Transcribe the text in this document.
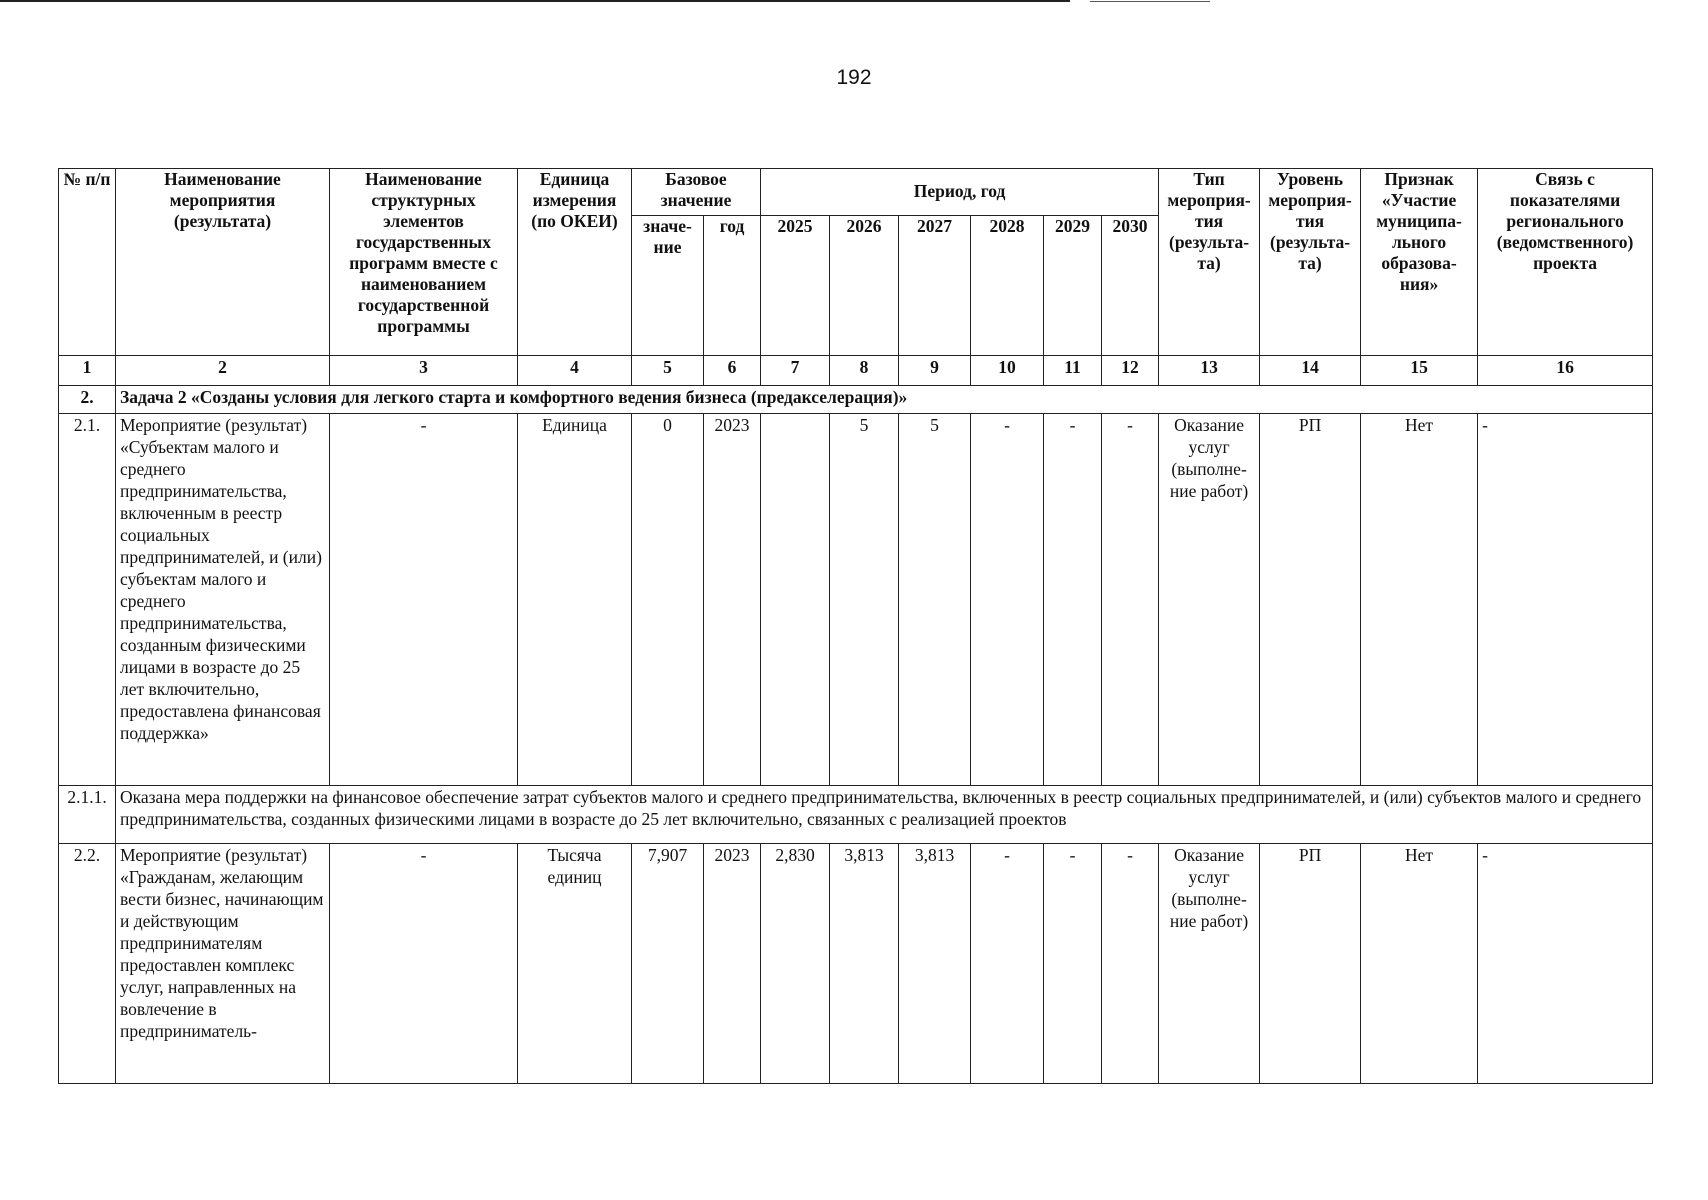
192
№ п/п	Наименование мероприятия (результата)	Наименование структурных элементов государственных программ вместе с наименованием государственной программы	Единица измерения (по ОКЕИ)	Базовое значение		Период, год						Тип мероприя-тия (результа-та)	Уровень мероприя-тия (результа-та)	Признак «Участие муниципа-льного образова-ния»	Связь с показателями регионального (ведомственного) проекта
				значе-ние	год	2025	2026	2027	2028	2029	2030				
1	2	3	4	5	6	7	8	9	10	11	12	13	14	15	16
2.	Задача 2 «Созданы условия для легкого старта и комфортного ведения бизнеса (предакселерация)»														
2.1.	Мероприятие (результат) «Субъектам малого и среднего предпринимательства, включенным в реестр социальных предпринимателей, и (или) субъектам малого и среднего предпринимательства, созданным физическими лицами в возрасте до 25 лет включительно, предоставлена финансовая поддержка»	-	Единица	0	2023		5	5	-	-	-	Оказание услуг (выполне-ние работ)	РП	Нет	-
2.1.1.	Оказана мера поддержки на финансовое обеспечение затрат субъектов малого и среднего предпринимательства, включенных в реестр социальных предпринимателей, и (или) субъектов малого и среднего предпринимательства, созданных физическими лицами в возрасте до 25 лет включительно, связанных с реализацией проектов														
2.2.	Мероприятие (результат) «Гражданам, желающим вести бизнес, начинающим и действующим предпринимателям предоставлен комплекс услуг, направленных на вовлечение в предприниматель-	-	Тысяча единиц	7,907	2023	2,830	3,813	3,813	-	-	-	Оказание услуг (выполне-ние работ)	РП	Нет	-
